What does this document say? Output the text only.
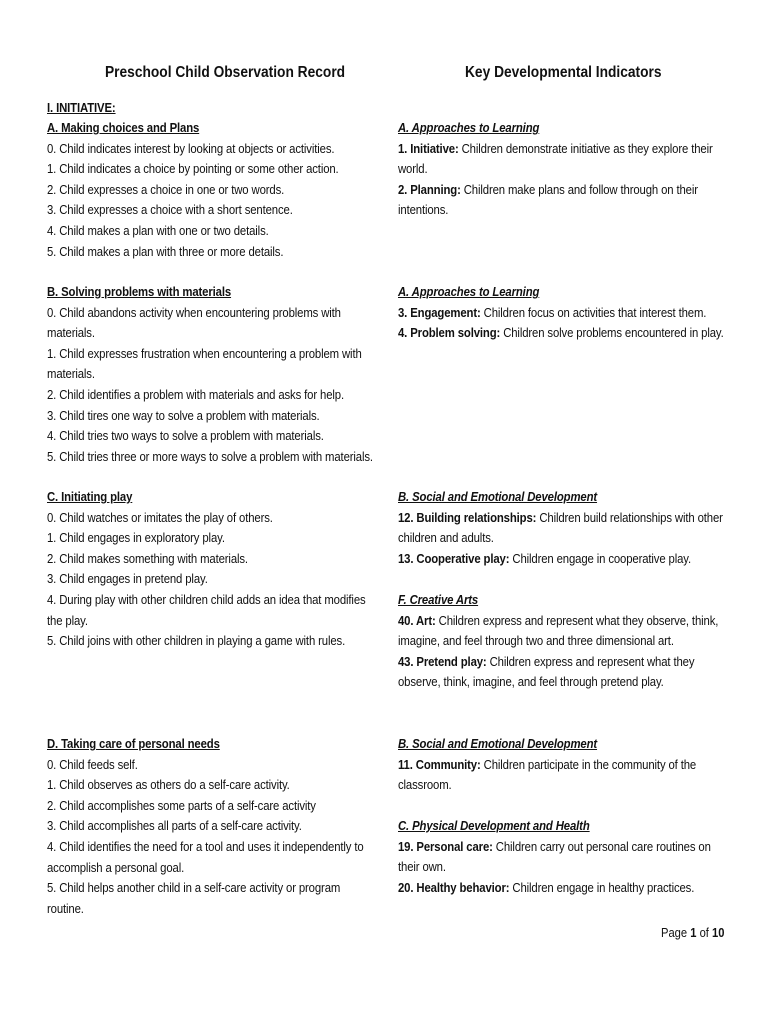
Preschool Child Observation Record	Key Developmental Indicators
I. INITIATIVE:
A. Making choices and Plans
0. Child indicates interest by looking at objects or activities.
1. Child indicates a choice by pointing or some other action.
2. Child expresses a choice in one or two words.
3. Child expresses a choice with a short sentence.
4. Child makes a plan with one or two details.
5. Child makes a plan with three or more details.
B. Solving problems with materials
0. Child abandons activity when encountering problems with
materials.
1. Child expresses frustration when encountering a problem with
materials.
2. Child identifies a problem with materials and asks for help.
3. Child tires one way to solve a problem with materials.
4. Child tries two ways to solve a problem with materials.
5. Child tries three or more ways to solve a problem with materials.
C. Initiating play
0. Child watches or imitates the play of others.
1. Child engages in exploratory play.
2. Child makes something with materials.
3. Child engages in pretend play.
4. During play with other children child adds an idea that modifies
the play.
5. Child joins with other children in playing a game with rules.
D. Taking care of personal needs
0. Child feeds self.
1. Child observes as others do a self-care activity.
2. Child accomplishes some parts of a self-care activity
3. Child accomplishes all parts of a self-care activity.
4. Child identifies the need for a tool and uses it independently to
accomplish a personal goal.
5. Child helps another child in a self-care activity or program
routine.
A. Approaches to Learning
1. Initiative: Children demonstrate initiative as they explore their
world.
2. Planning: Children make plans and follow through on their
intentions.
A. Approaches to Learning
3. Engagement: Children focus on activities that interest them.
4. Problem solving: Children solve problems encountered in play.
B. Social and Emotional Development
12. Building relationships: Children build relationships with other
children and adults.
13. Cooperative play: Children engage in cooperative play.
F. Creative Arts
40. Art: Children express and represent what they observe, think,
imagine, and feel through two and three dimensional art.
43. Pretend play: Children express and represent what they
observe, think, imagine, and feel through pretend play.
B. Social and Emotional Development
11. Community: Children participate in the community of the
classroom.
C. Physical Development and Health
19. Personal care: Children carry out personal care routines on
their own.
20. Healthy behavior: Children engage in healthy practices.
Page 1 of 10
